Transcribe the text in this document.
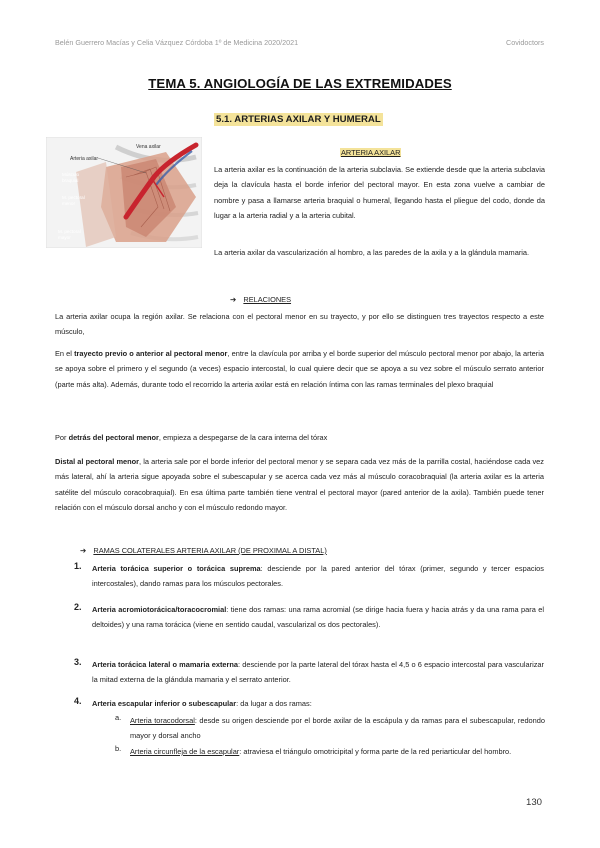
Belén Guerrero Macías y Celia Vázquez Córdoba 1º de Medicina 2020/2021	Covidoctors
TEMA 5. ANGIOLOGÍA DE LAS EXTREMIDADES
5.1. ARTERIAS AXILAR Y HUMERAL
Vena axilar
Arteria axilar
Músculo
braquial
M. pectoral
menor
M. pectoral
mayor
ARTERIA AXILAR
La arteria axilar es la continuación de la arteria subclavia. Se extiende desde que la arteria subclavia deja la clavícula hasta el borde inferior del pectoral mayor. En esta zona vuelve a cambiar de nombre y pasa a llamarse arteria braquial o humeral, llegando hasta el pliegue del codo, donde da lugar a la arteria radial y a la arteria cubital.
La arteria axilar da vascularización al hombro, a las paredes de la axila y a la glándula mamaria.
➔ RELACIONES
La arteria axilar ocupa la región axilar. Se relaciona con el pectoral menor en su trayecto, y por ello se distinguen tres trayectos respecto a este músculo,
En el trayecto previo o anterior al pectoral menor, entre la clavícula por arriba y el borde superior del músculo pectoral menor por abajo, la arteria se apoya sobre el primero y el segundo (a veces) espacio intercostal, lo cual quiere decir que se apoya a su vez sobre el músculo serrato anterior (parte más alta). Además, durante todo el recorrido la arteria axilar está en relación íntima con las ramas terminales del plexo braquial
Por detrás del pectoral menor, empieza a despegarse de la cara interna del tórax
Distal al pectoral menor, la arteria sale por el borde inferior del pectoral menor y se separa cada vez más de la parrilla costal, haciéndose cada vez más lateral, ahí la arteria sigue apoyada sobre el subescapular y se acerca cada vez más al músculo coracobraquial (la arteria axilar es la arteria satélite del músculo coracobraquial). En esa última parte también tiene ventral el pectoral mayor (pared anterior de la axila). También puede tener relación con el músculo dorsal ancho y con el músculo redondo mayor.
➔ RAMAS COLATERALES ARTERIA AXILAR (DE PROXIMAL A DISTAL)
1. Arteria torácica superior o torácica suprema: desciende por la pared anterior del tórax (primer, segundo y tercer espacios intercostales), dando ramas para los músculos pectorales.
2. Arteria acromiotorácica/toracocromial: tiene dos ramas: una rama acromial (se dirige hacia fuera y hacia atrás y da una rama para el deltoides) y una rama torácica (viene en sentido caudal, vascularizal os dos pectorales).
3. Arteria torácica lateral o mamaria externa: desciende por la parte lateral del tórax hasta el 4,5 o 6 espacio intercostal para vascularizar la mitad externa de la glándula mamaria y el serrato anterior.
4. Arteria escapular inferior o subescapular: da lugar a dos ramas:
a. Arteria toracodorsal: desde su origen desciende por el borde axilar de la escápula y da ramas para el subescapular, redondo mayor y dorsal ancho
b. Arteria circunfleja de la escapular: atraviesa el triángulo omotricipital y forma parte de la red periarticular del hombro.
130
